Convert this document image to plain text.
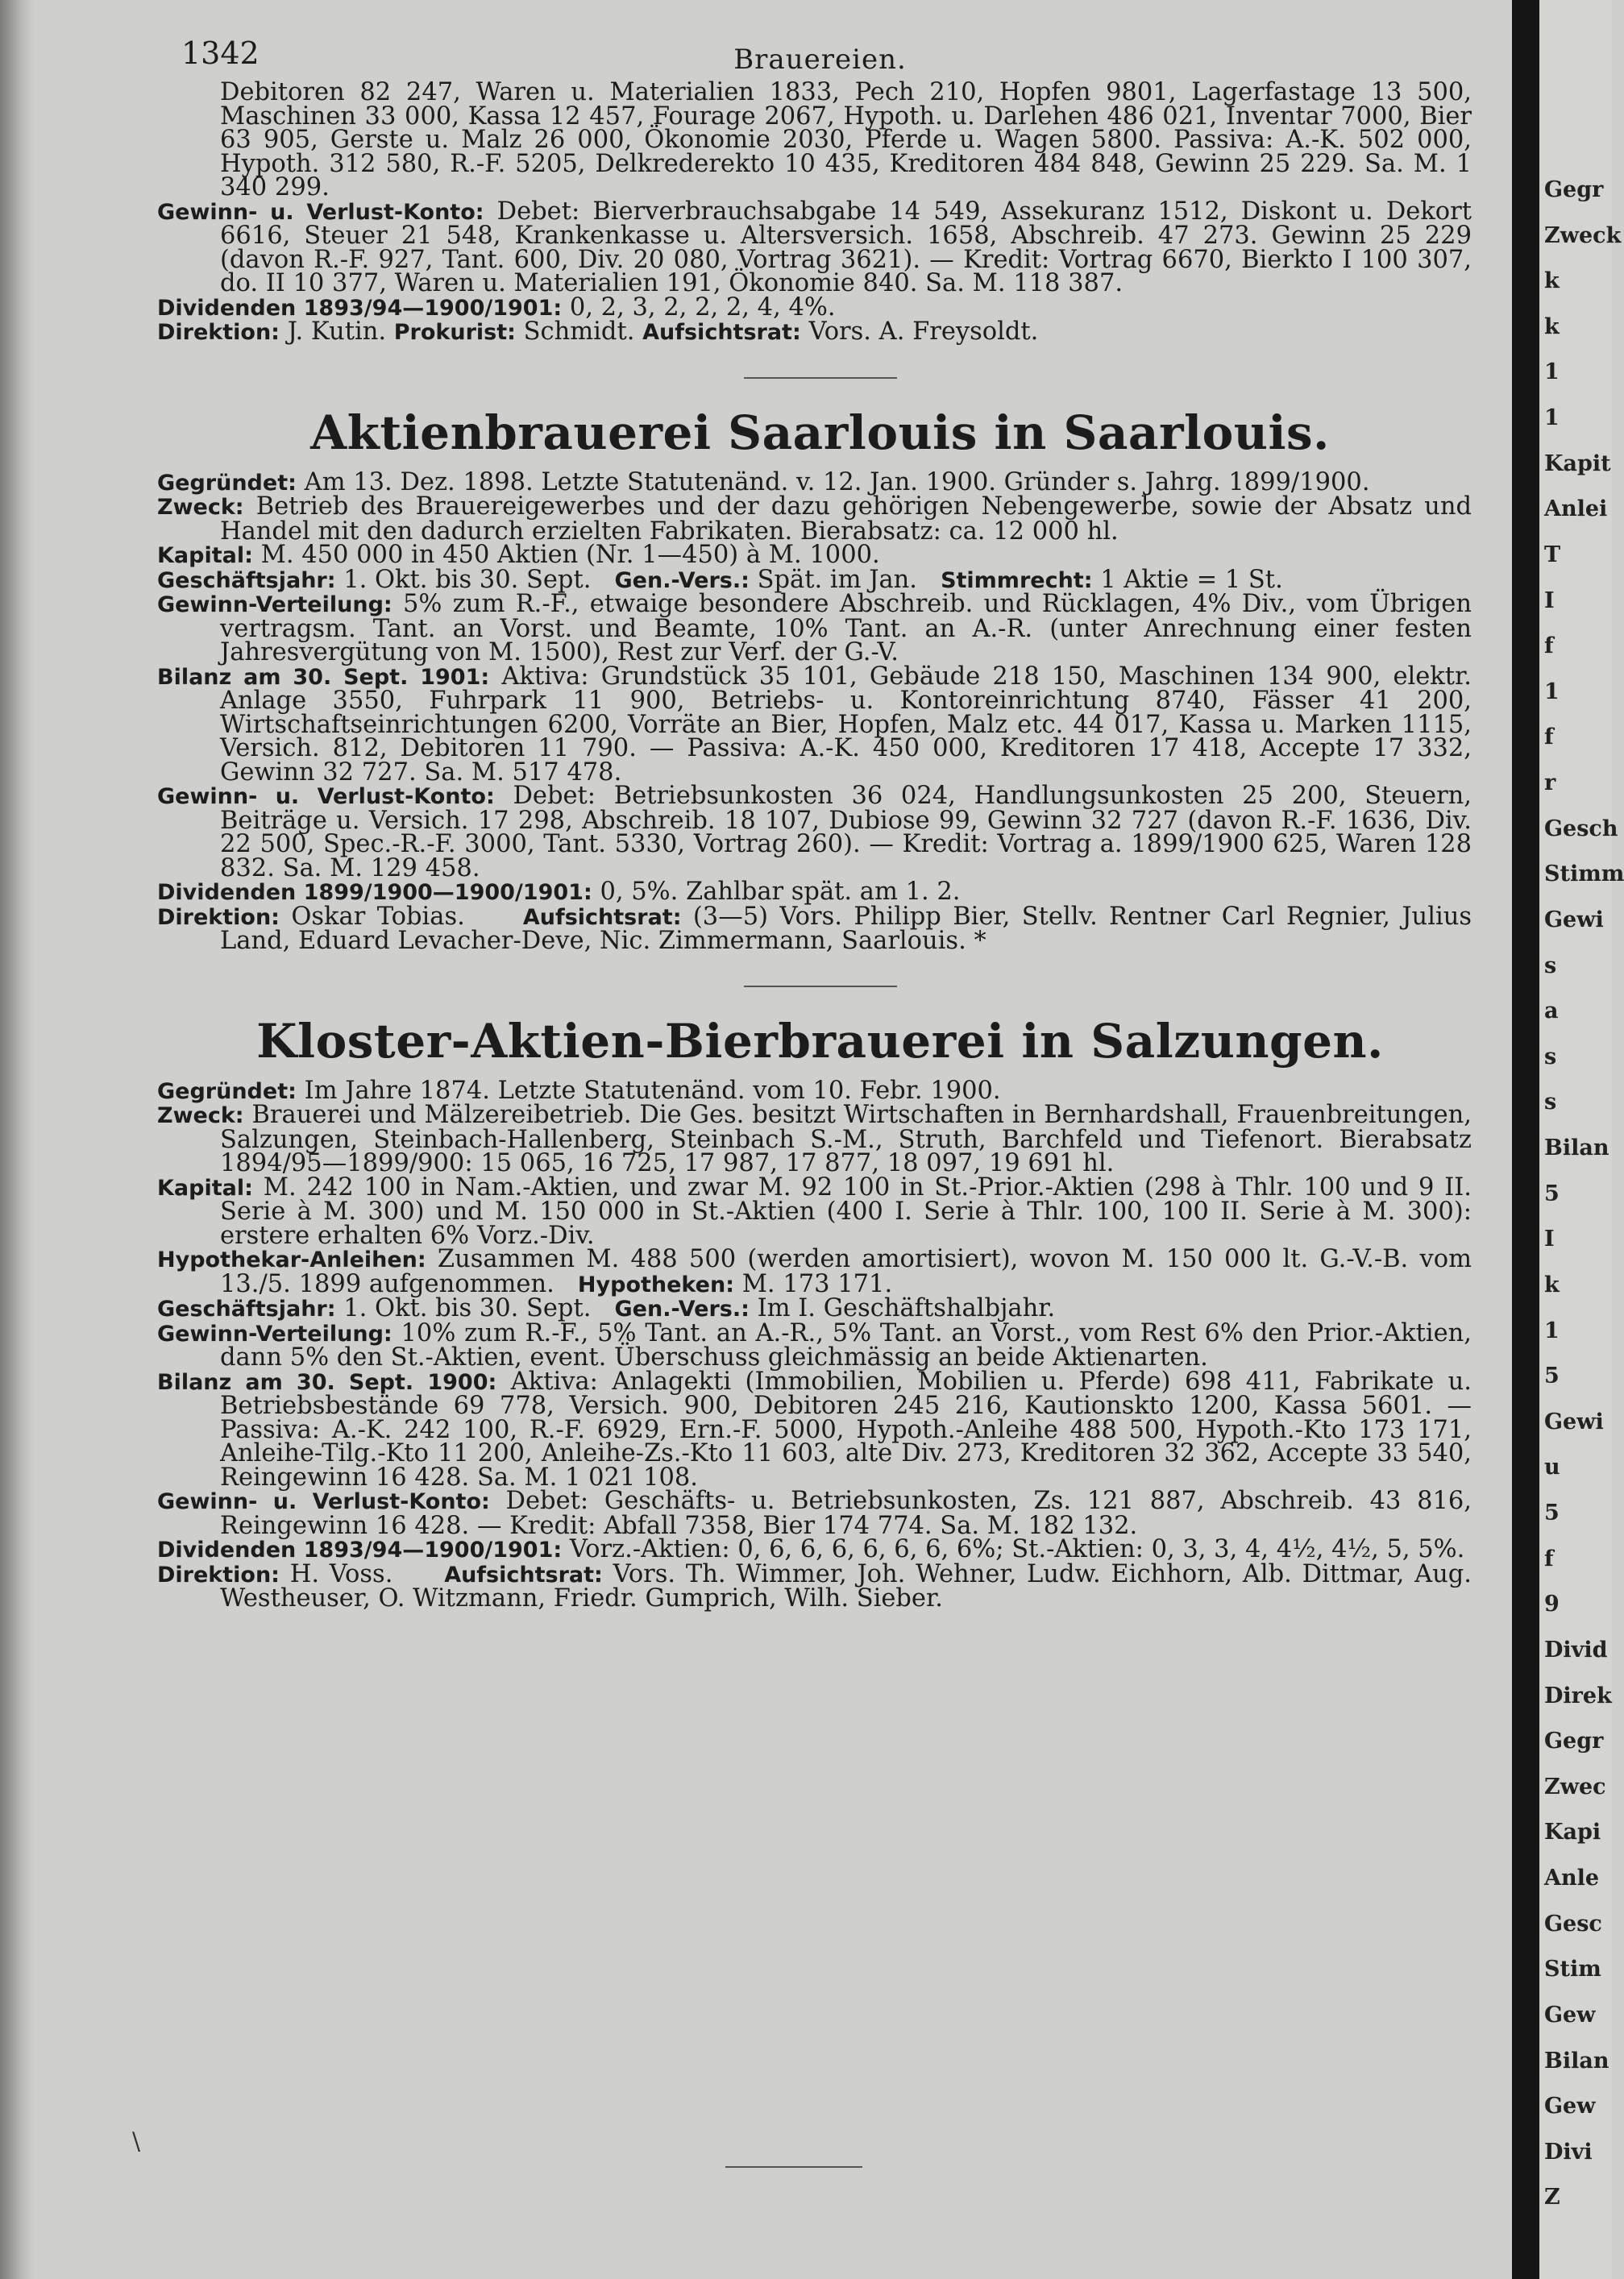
Gegr
Zweck
k
k
1
1
Kapit
Anlei
T
I
f
1
f
r
Gesch
Stimm
Gewi
s
a
s
s
Bilan
5
I
k
1
5
Gewi
u
5
f
9
Divid
Direk
Gegr
Zwec
Kapi
Anle
Gesc
Stim
Gew
Bilan
Gew
Divi
Z
1342	Brauereien.

Debitoren 82 247, Waren u. Materialien 1833, Pech 210, Hopfen 9801, Lagerfastage 13 500, Maschinen 33 000, Kassa 12 457, Fourage 2067, Hypoth. u. Darlehen 486 021, Inventar 7000, Bier 63 905, Gerste u. Malz 26 000, Ökonomie 2030, Pferde u. Wagen 5800. Passiva: A.-K. 502 000, Hypoth. 312 580, R.-F. 5205, Delkrederekto 10 435, Kreditoren 484 848, Gewinn 25 229. Sa. M. 1 340 299.

Gewinn- u. Verlust-Konto: Debet: Bierverbrauchsabgabe 14 549, Assekuranz 1512, Diskont u. Dekort 6616, Steuer 21 548, Krankenkasse u. Altersversich. 1658, Abschreib. 47 273. Gewinn 25 229 (davon R.-F. 927, Tant. 600, Div. 20 080, Vortrag 3621). — Kredit: Vortrag 6670, Bierkto I 100 307, do. II 10 377, Waren u. Materialien 191, Ökonomie 840. Sa. M. 118 387.

Dividenden 1893/94—1900/1901: 0, 2, 3, 2, 2, 2, 4, 4%.

Direktion: J. Kutin. Prokurist: Schmidt. Aufsichtsrat: Vors. A. Freysoldt.

Aktienbrauerei Saarlouis in Saarlouis.

Gegründet: Am 13. Dez. 1898. Letzte Statutenänd. v. 12. Jan. 1900. Gründer s. Jahrg. 1899/1900.

Zweck: Betrieb des Brauereigewerbes und der dazu gehörigen Nebengewerbe, sowie der Absatz und Handel mit den dadurch erzielten Fabrikaten. Bierabsatz: ca. 12 000 hl.

Kapital: M. 450 000 in 450 Aktien (Nr. 1—450) à M. 1000.

Geschäftsjahr: 1. Okt. bis 30. Sept. Gen.-Vers.: Spät. im Jan. Stimmrecht: 1 Aktie = 1 St.

Gewinn-Verteilung: 5% zum R.-F., etwaige besondere Abschreib. und Rücklagen, 4% Div., vom Übrigen vertragsm. Tant. an Vorst. und Beamte, 10% Tant. an A.-R. (unter Anrechnung einer festen Jahresvergütung von M. 1500), Rest zur Verf. der G.-V.

Bilanz am 30. Sept. 1901: Aktiva: Grundstück 35 101, Gebäude 218 150, Maschinen 134 900, elektr. Anlage 3550, Fuhrpark 11 900, Betriebs- u. Kontoreinrichtung 8740, Fässer 41 200, Wirtschaftseinrichtungen 6200, Vorräte an Bier, Hopfen, Malz etc. 44 017, Kassa u. Marken 1115, Versich. 812, Debitoren 11 790. — Passiva: A.-K. 450 000, Kreditoren 17 418, Accepte 17 332, Gewinn 32 727. Sa. M. 517 478.

Gewinn- u. Verlust-Konto: Debet: Betriebsunkosten 36 024, Handlungsunkosten 25 200, Steuern, Beiträge u. Versich. 17 298, Abschreib. 18 107, Dubiose 99, Gewinn 32 727 (davon R.-F. 1636, Div. 22 500, Spec.-R.-F. 3000, Tant. 5330, Vortrag 260). — Kredit: Vortrag a. 1899/1900 625, Waren 128 832. Sa. M. 129 458.

Dividenden 1899/1900—1900/1901: 0, 5%. Zahlbar spät. am 1. 2.

Direktion: Oskar Tobias.	Aufsichtsrat: (3—5) Vors. Philipp Bier, Stellv. Rentner Carl Regnier, Julius Land, Eduard Levacher-Deve, Nic. Zimmermann, Saarlouis. *

Kloster-Aktien-Bierbrauerei in Salzungen.

Gegründet: Im Jahre 1874. Letzte Statutenänd. vom 10. Febr. 1900.

Zweck: Brauerei und Mälzereibetrieb. Die Ges. besitzt Wirtschaften in Bernhardshall, Frauenbreitungen, Salzungen, Steinbach-Hallenberg, Steinbach S.-M., Struth, Barchfeld und Tiefenort. Bierabsatz 1894/95—1899/900: 15 065, 16 725, 17 987, 17 877, 18 097, 19 691 hl.

Kapital: M. 242 100 in Nam.-Aktien, und zwar M. 92 100 in St.-Prior.-Aktien (298 à Thlr. 100 und 9 II. Serie à M. 300) und M. 150 000 in St.-Aktien (400 I. Serie à Thlr. 100, 100 II. Serie à M. 300): erstere erhalten 6% Vorz.-Div.

Hypothekar-Anleihen: Zusammen M. 488 500 (werden amortisiert), wovon M. 150 000 lt. G.-V.-B. vom 13./5. 1899 aufgenommen. Hypotheken: M. 173 171.

Geschäftsjahr: 1. Okt. bis 30. Sept. Gen.-Vers.: Im I. Geschäftshalbjahr.

Gewinn-Verteilung: 10% zum R.-F., 5% Tant. an A.-R., 5% Tant. an Vorst., vom Rest 6% den Prior.-Aktien, dann 5% den St.-Aktien, event. Überschuss gleichmässig an beide Aktienarten.

Bilanz am 30. Sept. 1900: Aktiva: Anlagekti (Immobilien, Mobilien u. Pferde) 698 411, Fabrikate u. Betriebsbestände 69 778, Versich. 900, Debitoren 245 216, Kautionskto 1200, Kassa 5601. — Passiva: A.-K. 242 100, R.-F. 6929, Ern.-F. 5000, Hypoth.-Anleihe 488 500, Hypoth.-Kto 173 171, Anleihe-Tilg.-Kto 11 200, Anleihe-Zs.-Kto 11 603, alte Div. 273, Kreditoren 32 362, Accepte 33 540, Reingewinn 16 428. Sa. M. 1 021 108.

Gewinn- u. Verlust-Konto: Debet: Geschäfts- u. Betriebsunkosten, Zs. 121 887, Abschreib. 43 816, Reingewinn 16 428. — Kredit: Abfall 7358, Bier 174 774. Sa. M. 182 132.

Dividenden 1893/94—1900/1901: Vorz.-Aktien: 0, 6, 6, 6, 6, 6, 6, 6%; St.-Aktien: 0, 3, 3, 4, 4½, 4½, 5, 5%.

Direktion: H. Voss. Aufsichtsrat: Vors. Th. Wimmer, Joh. Wehner, Ludw. Eichhorn, Alb. Dittmar, Aug. Westheuser, O. Witzmann, Friedr. Gumprich, Wilh. Sieber.

\
